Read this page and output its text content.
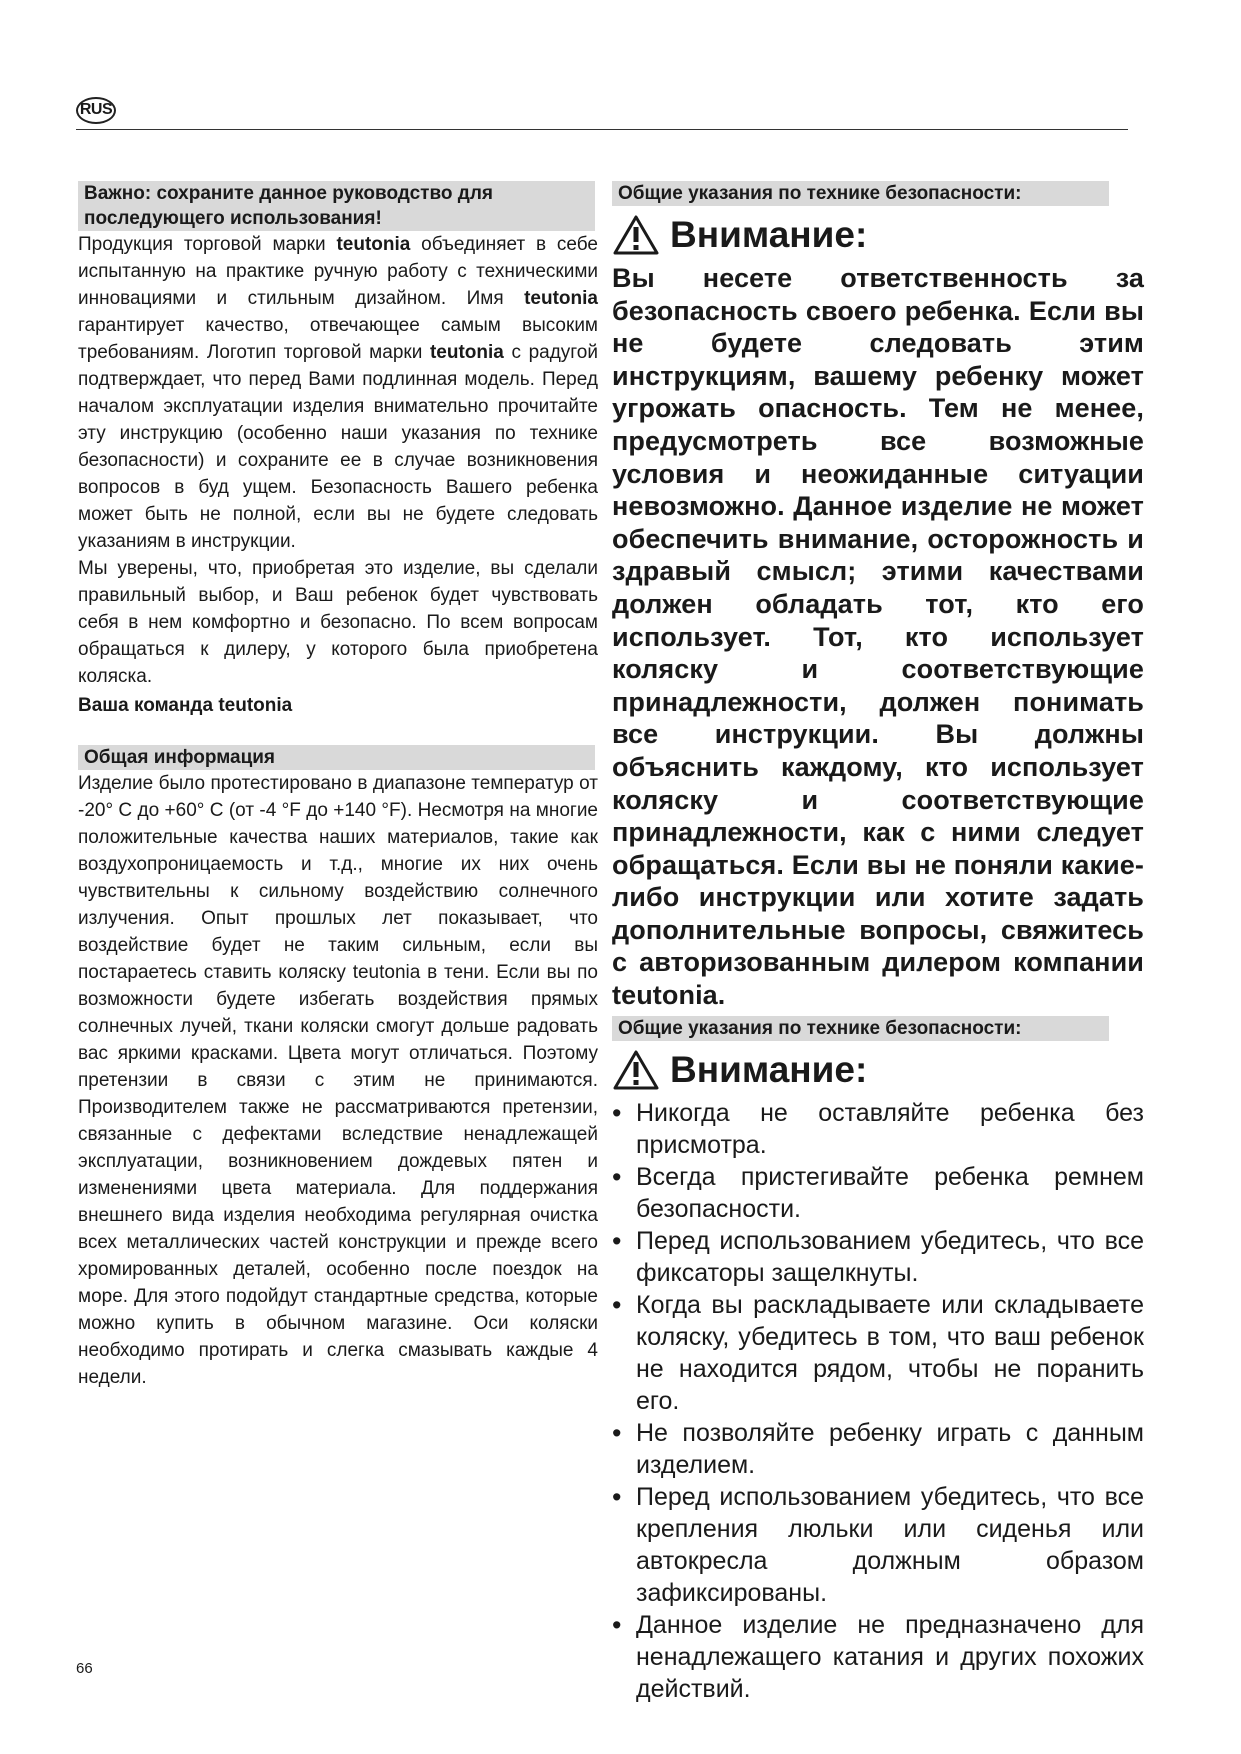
RUS
Важно: сохраните данное руководство для последующего использования!

Продукция торговой марки teutonia объединяет в себе испытанную на практике ручную работу с техническими инновациями и стильным дизайном. Имя teutonia гарантирует качество, отвечающее самым высоким требованиям. Логотип торговой марки teutonia с радугой подтверждает, что перед Вами подлинная модель. Перед началом эксплуатации изделия внимательно прочитайте эту инструкцию (особенно наши указания по технике безопасности) и сохраните ее в случае возникновения вопросов в буд ущем. Безопасность Вашего ребенка может быть не полной, если вы не будете следовать указаниям в инструкции.

Мы уверены, что, приобретая это изделие, вы сделали правильный выбор, и Ваш ребенок будет чувствовать себя в нем комфортно и безопасно. По всем вопросам обращаться к дилеру, у которого была приобретена коляска.

Ваша команда teutonia
Общая информация

Изделие было протестировано в диапазоне температур от -20° C до +60° C (от -4 °F до +140 °F). Несмотря на многие положительные качества наших материалов, такие как воздухопроницаемость и т.д., многие их них очень чувствительны к сильному воздействию солнечного излучения. Опыт прошлых лет показывает, что воздействие будет не таким сильным, если вы постараетесь ставить коляску teutonia в тени. Если вы по возможности будете избегать воздействия прямых солнечных лучей, ткани коляски смогут дольше радовать вас яркими красками. Цвета могут отличаться. Поэтому претензии в связи с этим не принимаются. Производителем также не рассматриваются претензии, связанные с дефектами вследствие ненадлежащей эксплуатации, возникновением дождевых пятен и изменениями цвета материала. Для поддержания внешнего вида изделия необходима регулярная очистка всех металлических частей конструкции и прежде всего хромированных деталей, особенно после поездок на море. Для этого подойдут стандартные средства, которые можно купить в обычном магазине. Оси коляски необходимо протирать и слегка смазывать каждые 4 недели.

Общие указания по технике безопасности:
Внимание:

Вы несете ответственность за безопасность своего ребенка. Если вы не будете следовать этим инструкциям, вашему ребенку может угрожать опасность. Тем не менее, предусмотреть все возможные условия и неожиданные ситуации невозможно. Данное изделие не может обеспечить внимание, осторожность и здравый смысл; этими качествами должен обладать тот, кто его использует. Тот, кто использует коляску и соответствующие принадлежности, должен понимать все инструкции. Вы должны объяснить каждому, кто использует коляску и соответствующие принадлежности, как с ними следует обращаться. Если вы не поняли какие-либо инструкции или хотите задать дополнительные вопросы, свяжитесь с авторизованным дилером компании teutonia.

Общие указания по технике безопасности:
Внимание:
• Никогда не оставляйте ребенка без присмотра.
• Всегда пристегивайте ребенка ремнем безопасности.
• Перед использованием убедитесь, что все фиксаторы защелкнуты.
• Когда вы раскладываете или складываете коляску, убедитесь в том, что ваш ребенок не находится рядом, чтобы не поранить его.
• Не позволяйте ребенку играть с данным изделием.
• Перед использованием убедитесь, что все крепления люльки или сиденья или автокресла должным образом зафиксированы.
• Данное изделие не предназначено для ненадлежащего катания и других похожих действий.
66
